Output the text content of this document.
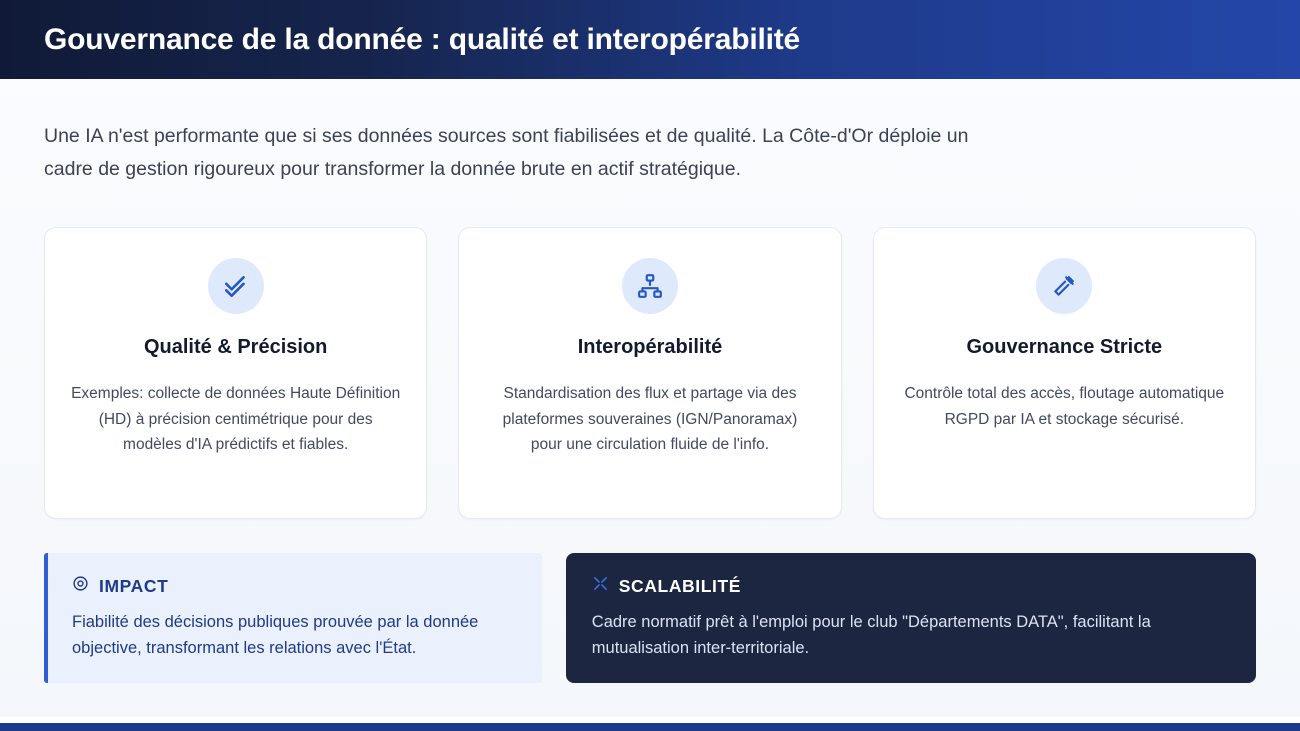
Gouvernance de la donnée : qualité et interopérabilité
Une IA n'est performante que si ses données sources sont fiabilisées et de qualité. La Côte-d'Or déploie un cadre de gestion rigoureux pour transformer la donnée brute en actif stratégique.
Qualité & Précision
Exemples: collecte de données Haute Définition (HD) à précision centimétrique pour des modèles d'IA prédictifs et fiables.
Interopérabilité
Standardisation des flux et partage via des plateformes souveraines (IGN/Panoramax) pour une circulation fluide de l'info.
Gouvernance Stricte
Contrôle total des accès, floutage automatique RGPD par IA et stockage sécurisé.
IMPACT
Fiabilité des décisions publiques prouvée par la donnée objective, transformant les relations avec l'État.
SCALABILITÉ
Cadre normatif prêt à l'emploi pour le club "Départements DATA", facilitant la mutualisation inter-territoriale.
